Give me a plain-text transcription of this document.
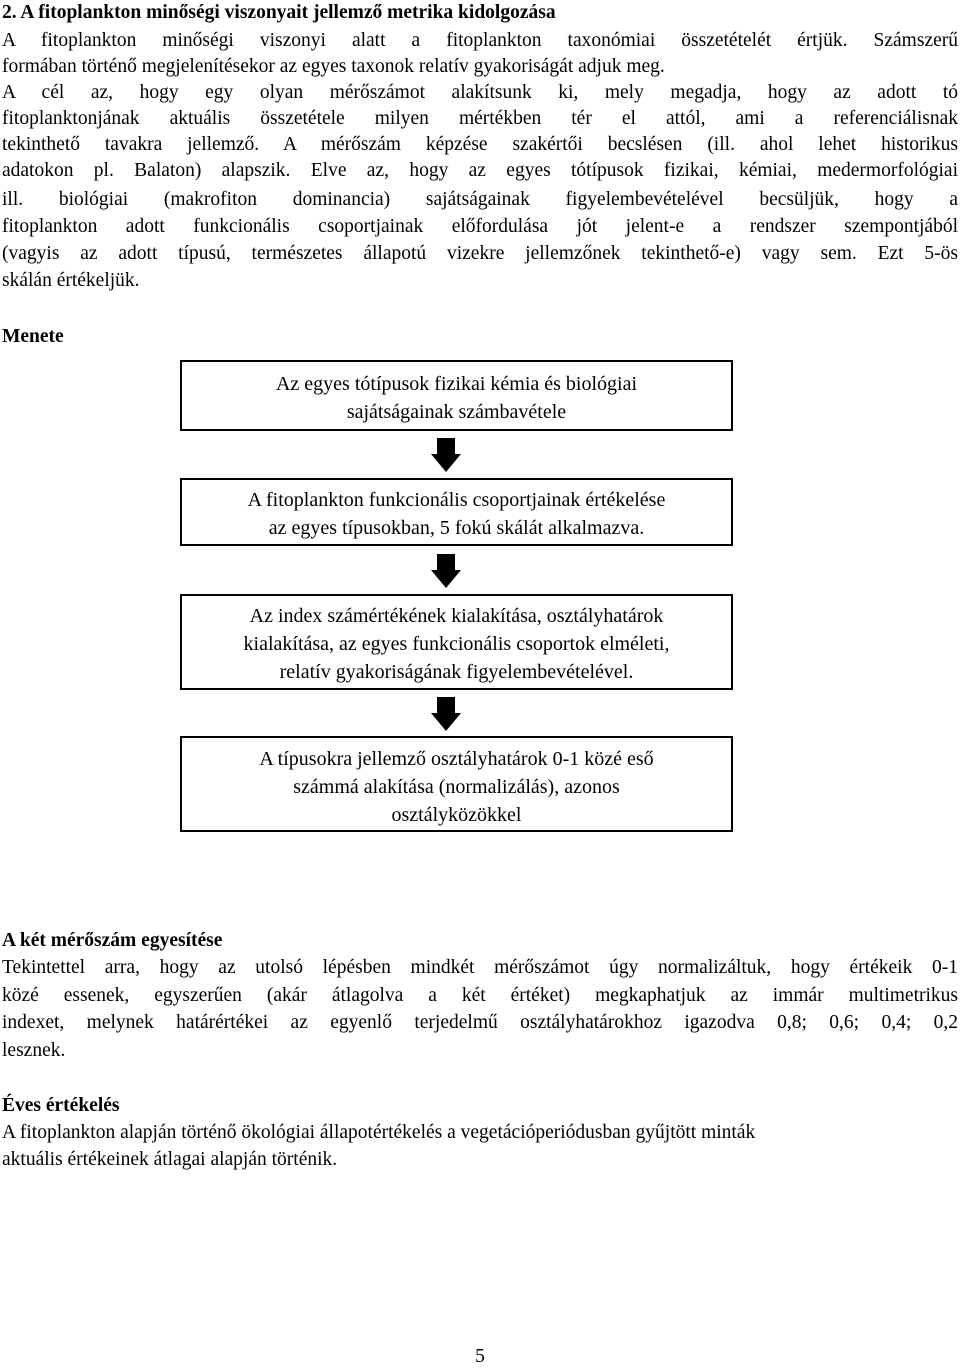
2. A fitoplankton minőségi viszonyait jellemző metrika kidolgozása
A fitoplankton minőségi viszonyi alatt a fitoplankton taxonómiai összetételét értjük. Számszerű
formában történő megjelenítésekor az egyes taxonok relatív gyakoriságát adjuk meg.
A cél az, hogy egy olyan mérőszámot alakítsunk ki, mely megadja, hogy az adott tó
fitoplanktonjának aktuális összetétele milyen mértékben tér el attól, ami a referenciálisnak
tekinthető tavakra jellemző. A mérőszám képzése szakértői becslésen (ill. ahol lehet historikus
adatokon pl. Balaton) alapszik. Elve az, hogy az egyes tótípusok fizikai, kémiai, medermorfológiai
ill. biológiai (makrofiton dominancia) sajátságainak figyelembevételével becsüljük, hogy a
fitoplankton adott funkcionális csoportjainak előfordulása jót jelent-e a rendszer szempontjából
(vagyis az adott típusú, természetes állapotú vizekre jellemzőnek tekinthető-e) vagy sem. Ezt 5-ös
skálán értékeljük.
Menete
Az egyes tótípusok fizikai kémia és biológiai
sajátságainak számbavétele
A fitoplankton funkcionális csoportjainak értékelése
az egyes típusokban, 5 fokú skálát alkalmazva.
Az index számértékének kialakítása, osztályhatárok
kialakítása, az egyes funkcionális csoportok elméleti,
relatív gyakoriságának figyelembevételével.
A típusokra jellemző osztályhatárok 0-1 közé eső
számmá alakítása (normalizálás), azonos
osztályközökkel
A két mérőszám egyesítése
Tekintettel arra, hogy az utolsó lépésben mindkét mérőszámot úgy normalizáltuk, hogy értékeik 0-1
közé essenek, egyszerűen (akár átlagolva a két értéket) megkaphatjuk az immár multimetrikus
indexet, melynek határértékei az egyenlő terjedelmű osztályhatárokhoz igazodva 0,8; 0,6; 0,4; 0,2
lesznek.
Éves értékelés
A fitoplankton alapján történő ökológiai állapotértékelés a vegetációperiódusban gyűjtött minták
aktuális értékeinek átlagai alapján történik.
5
